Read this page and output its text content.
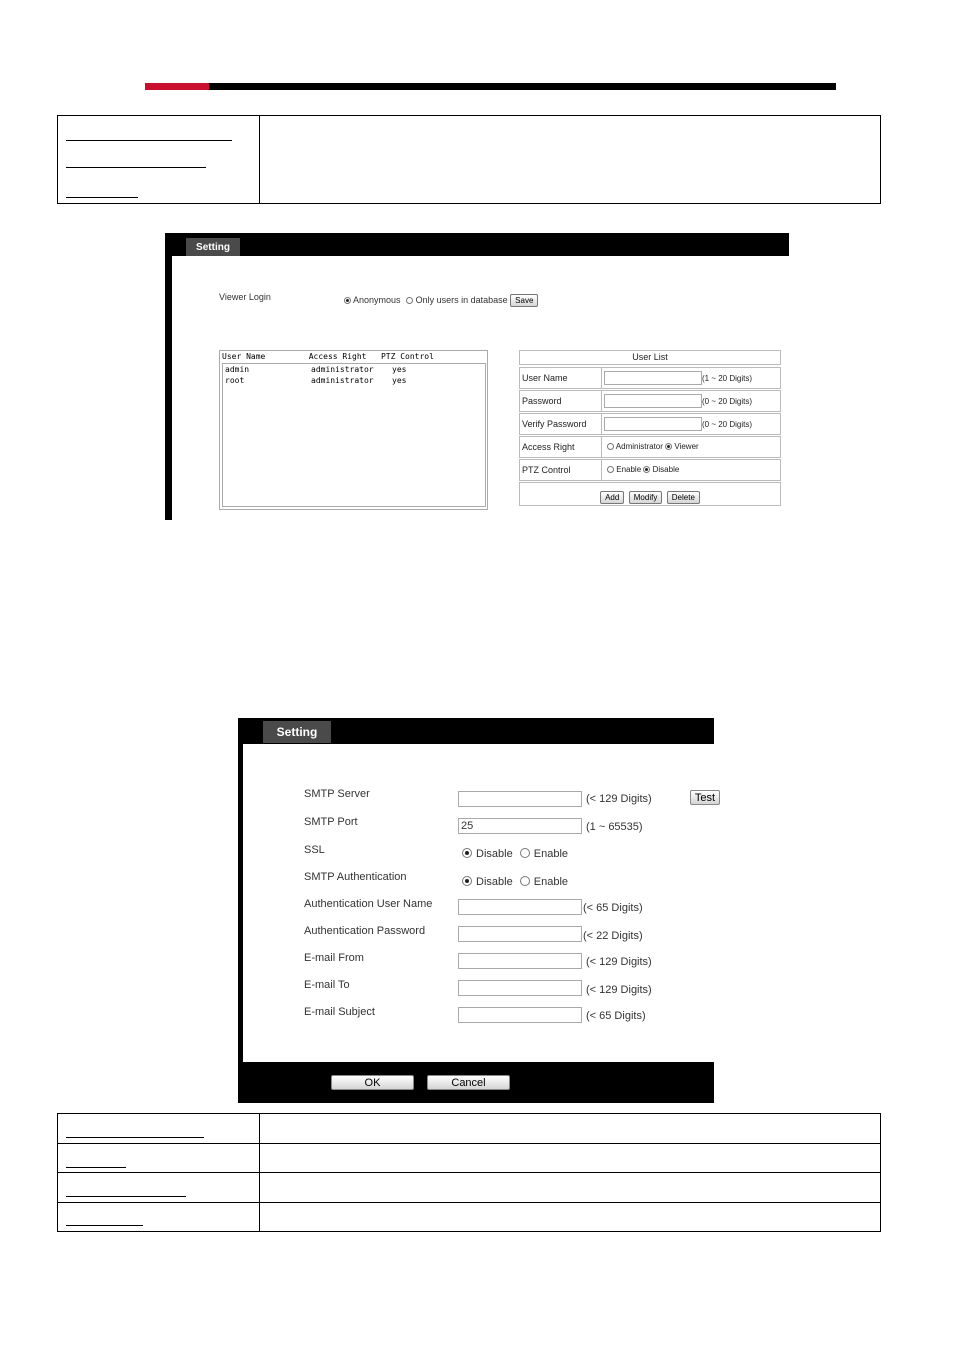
Setting
Viewer Login	Anonymous Only users in database Save
User Name         Access Right   PTZ Control
admin	administrator yes
root	administrator yes
User List
User Name	(1 ~ 20 Digits)
Password	(0 ~ 20 Digits)
Verify Password	(0 ~ 20 Digits)
Access Right	Administrator Viewer
PTZ Control	Enable Disable
Add Modify Delete
Setting
SMTP Server	(< 129 Digits)	Test
SMTP Port	25	(1 ~ 65535)
SSL	Disable Enable
SMTP Authentication	Disable Enable
Authentication User Name	(< 65 Digits)
Authentication Password	(< 22 Digits)
E-mail From	(< 129 Digits)
E-mail To	(< 129 Digits)
E-mail Subject	(< 65 Digits)
OK	Cancel
